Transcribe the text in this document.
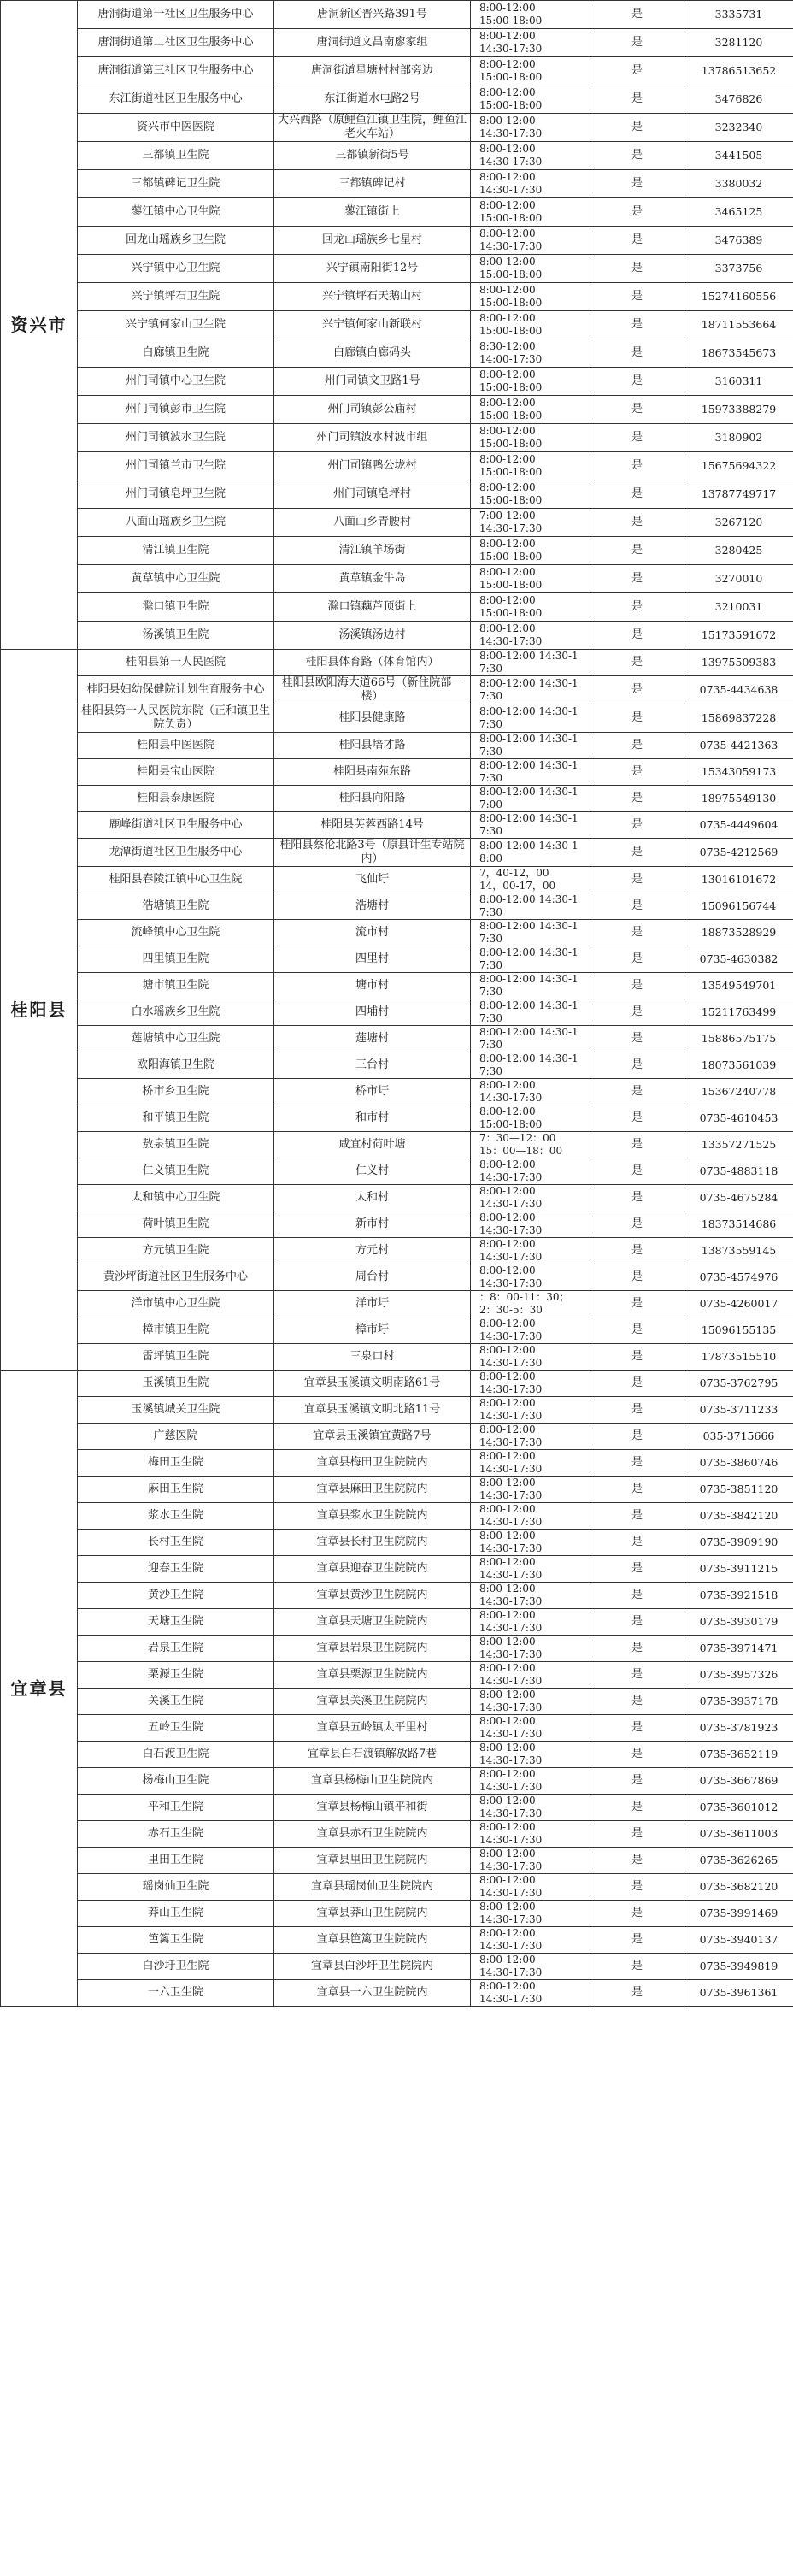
资兴市	唐洞街道第一社区卫生服务中心	唐洞新区晋兴路391号	8:00-12:00
15:00-18:00	是	3335731
	唐洞街道第二社区卫生服务中心	唐洞街道文昌南廖家组	8:00-12:00
14:30-17:30	是	3281120
	唐洞街道第三社区卫生服务中心	唐洞街道星塘村村部旁边	8:00-12:00
15:00-18:00	是	13786513652
	东江街道社区卫生服务中心	东江街道水电路2号	8:00-12:00
15:00-18:00	是	3476826
	资兴市中医医院	大兴西路（原鲤鱼江镇卫生院，鲤鱼江老火车站）	8:00-12:00
14:30-17:30	是	3232340
	三都镇卫生院	三都镇新街5号	8:00-12:00
14:30-17:30	是	3441505
	三都镇碑记卫生院	三都镇碑记村	8:00-12:00
14:30-17:30	是	3380032
	蓼江镇中心卫生院	蓼江镇街上	8:00-12:00
15:00-18:00	是	3465125
	回龙山瑶族乡卫生院	回龙山瑶族乡七星村	8:00-12:00
14:30-17:30	是	3476389
	兴宁镇中心卫生院	兴宁镇南阳街12号	8:00-12:00
15:00-18:00	是	3373756
	兴宁镇坪石卫生院	兴宁镇坪石天鹅山村	8:00-12:00
15:00-18:00	是	15274160556
	兴宁镇何家山卫生院	兴宁镇何家山新联村	8:00-12:00
15:00-18:00	是	18711553664
	白廊镇卫生院	白廊镇白廊码头	8:30-12:00
14:00-17:30	是	18673545673
	州门司镇中心卫生院	州门司镇文卫路1号	8:00-12:00
15:00-18:00	是	3160311
	州门司镇彭市卫生院	州门司镇彭公庙村	8:00-12:00
15:00-18:00	是	15973388279
	州门司镇波水卫生院	州门司镇波水村波市组	8:00-12:00
15:00-18:00	是	3180902
	州门司镇兰市卫生院	州门司镇鸭公垅村	8:00-12:00
15:00-18:00	是	15675694322
	州门司镇皂坪卫生院	州门司镇皂坪村	8:00-12:00
15:00-18:00	是	13787749717
	八面山瑶族乡卫生院	八面山乡青腰村	7:00-12:00
14:30-17:30	是	3267120
	清江镇卫生院	清江镇羊场街	8:00-12:00
15:00-18:00	是	3280425
	黄草镇中心卫生院	黄草镇金牛岛	8:00-12:00
15:00-18:00	是	3270010
	滁口镇卫生院	滁口镇藕芦顶街上	8:00-12:00
15:00-18:00	是	3210031
	汤溪镇卫生院	汤溪镇汤边村	8:00-12:00
14:30-17:30	是	15173591672
桂阳县	桂阳县第一人民医院	桂阳县体育路（体育馆内）	8:00-12:00 14:30-17:30	是	13975509383
	桂阳县妇幼保健院计划生育服务中心	桂阳县欧阳海大道66号（新住院部一楼）	8:00-12:00 14:30-17:30	是	0735-4434638
	桂阳县第一人民医院东院（正和镇卫生院负责）	桂阳县健康路	8:00-12:00 14:30-17:30	是	15869837228
	桂阳县中医医院	桂阳县培才路	8:00-12:00 14:30-17:30	是	0735-4421363
	桂阳县宝山医院	桂阳县南苑东路	8:00-12:00 14:30-17:30	是	15343059173
	桂阳县泰康医院	桂阳县向阳路	8:00-12:00 14:30-17:00	是	18975549130
	鹿峰街道社区卫生服务中心	桂阳县芙蓉西路14号	8:00-12:00 14:30-17:30	是	0735-4449604
	龙潭街道社区卫生服务中心	桂阳县蔡伦北路3号（原县计生专站院内）	8:00-12:00 14:30-18:00	是	0735-4212569
	桂阳县春陵江镇中心卫生院	飞仙圩	7，40-12，00
14，00-17，00	是	13016101672
	浩塘镇卫生院	浩塘村	8:00-12:00 14:30-17:30	是	15096156744
	流峰镇中心卫生院	流市村	8:00-12:00 14:30-17:30	是	18873528929
	四里镇卫生院	四里村	8:00-12:00 14:30-17:30	是	0735-4630382
	塘市镇卫生院	塘市村	8:00-12:00 14:30-17:30	是	13549549701
	白水瑶族乡卫生院	四埔村	8:00-12:00 14:30-17:30	是	15211763499
	莲塘镇中心卫生院	莲塘村	8:00-12:00 14:30-17:30	是	15886575175
	欧阳海镇卫生院	三台村	8:00-12:00 14:30-17:30	是	18073561039
	桥市乡卫生院	桥市圩	8:00-12:00
14:30-17:30	是	15367240778
	和平镇卫生院	和市村	8:00-12:00
15:00-18:00	是	0735-4610453
	敖泉镇卫生院	咸宜村荷叶塘	7：30—12：00
15：00—18：00	是	13357271525
	仁义镇卫生院	仁义村	8:00-12:00
14:30-17:30	是	0735-4883118
	太和镇中心卫生院	太和村	8:00-12:00
14:30-17:30	是	0735-4675284
	荷叶镇卫生院	新市村	8:00-12:00
14:30-17:30	是	18373514686
	方元镇卫生院	方元村	8:00-12:00
14:30-17:30	是	13873559145
	黄沙坪街道社区卫生服务中心	周台村	8:00-12:00
14:30-17:30	是	0735-4574976
	洋市镇中心卫生院	洋市圩	：8：00-11：30；
2：30-5：30	是	0735-4260017
	樟市镇卫生院	樟市圩	8:00-12:00
14:30-17:30	是	15096155135
	雷坪镇卫生院	三泉口村	8:00-12:00
14:30-17:30	是	17873515510
宜章县	玉溪镇卫生院	宜章县玉溪镇文明南路61号	8:00-12:00
14:30-17:30	是	0735-3762795
	玉溪镇城关卫生院	宜章县玉溪镇文明北路11号	8:00-12:00
14:30-17:30	是	0735-3711233
	广慈医院	宜章县玉溪镇宜黄路7号	8:00-12:00
14:30-17:30	是	035-3715666
	梅田卫生院	宜章县梅田卫生院院内	8:00-12:00
14:30-17:30	是	0735-3860746
	麻田卫生院	宜章县麻田卫生院院内	8:00-12:00
14:30-17:30	是	0735-3851120
	浆水卫生院	宜章县浆水卫生院院内	8:00-12:00
14:30-17:30	是	0735-3842120
	长村卫生院	宜章县长村卫生院院内	8:00-12:00
14:30-17:30	是	0735-3909190
	迎春卫生院	宜章县迎春卫生院院内	8:00-12:00
14:30-17:30	是	0735-3911215
	黄沙卫生院	宜章县黄沙卫生院院内	8:00-12:00
14:30-17:30	是	0735-3921518
	天塘卫生院	宜章县天塘卫生院院内	8:00-12:00
14:30-17:30	是	0735-3930179
	岩泉卫生院	宜章县岩泉卫生院院内	8:00-12:00
14:30-17:30	是	0735-3971471
	栗源卫生院	宜章县栗源卫生院院内	8:00-12:00
14:30-17:30	是	0735-3957326
	关溪卫生院	宜章县关溪卫生院院内	8:00-12:00
14:30-17:30	是	0735-3937178
	五岭卫生院	宜章县五岭镇太平里村	8:00-12:00
14:30-17:30	是	0735-3781923
	白石渡卫生院	宜章县白石渡镇解放路7巷	8:00-12:00
14:30-17:30	是	0735-3652119
	杨梅山卫生院	宜章县杨梅山卫生院院内	8:00-12:00
14:30-17:30	是	0735-3667869
	平和卫生院	宜章县杨梅山镇平和街	8:00-12:00
14:30-17:30	是	0735-3601012
	赤石卫生院	宜章县赤石卫生院院内	8:00-12:00
14:30-17:30	是	0735-3611003
	里田卫生院	宜章县里田卫生院院内	8:00-12:00
14:30-17:30	是	0735-3626265
	瑶岗仙卫生院	宜章县瑶岗仙卫生院院内	8:00-12:00
14:30-17:30	是	0735-3682120
	莽山卫生院	宜章县莽山卫生院院内	8:00-12:00
14:30-17:30	是	0735-3991469
	笆篱卫生院	宜章县笆篱卫生院院内	8:00-12:00
14:30-17:30	是	0735-3940137
	白沙圩卫生院	宜章县白沙圩卫生院院内	8:00-12:00
14:30-17:30	是	0735-3949819
	一六卫生院	宜章县一六卫生院院内	8:00-12:00
14:30-17:30	是	0735-3961361
